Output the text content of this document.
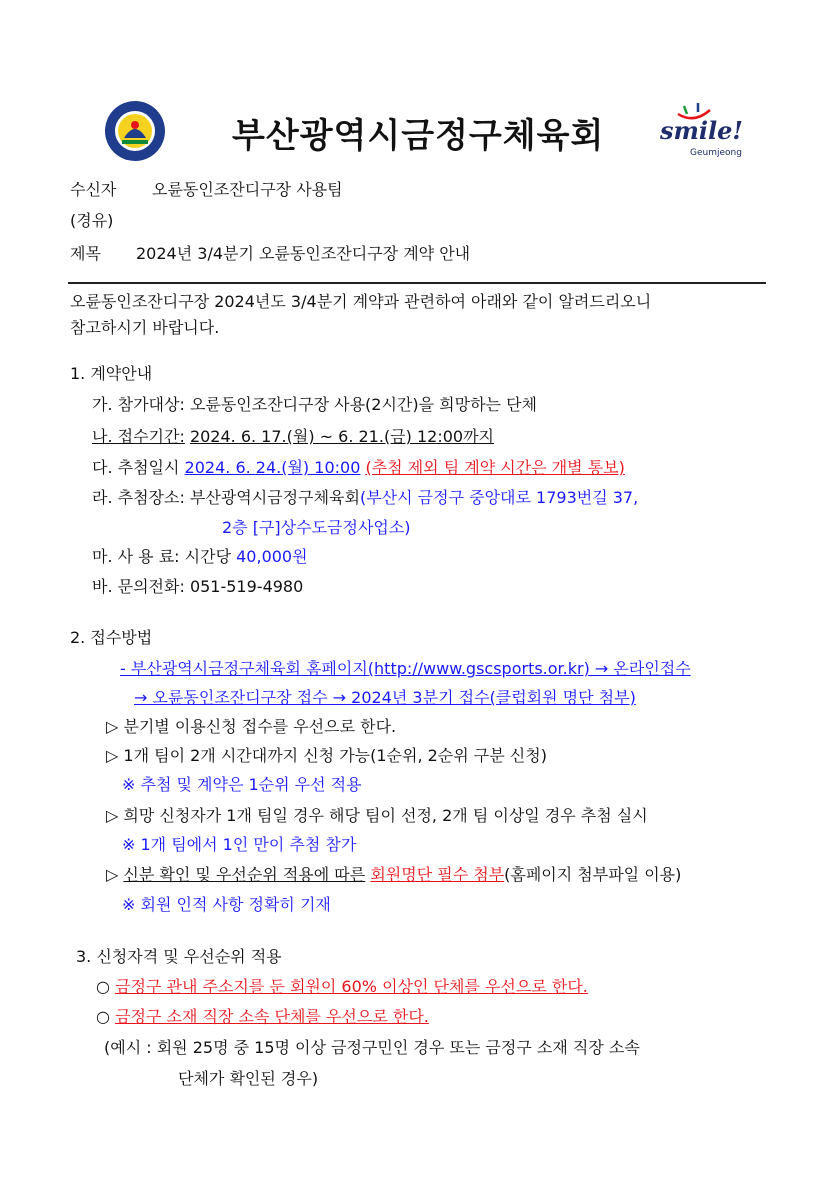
부산광역시금정구체육회 smile!
Geumjeong
수신자 오륜동인조잔디구장 사용팀
(경유)
제목 2024년 3/4분기 오륜동인조잔디구장 계약 안내
오륜동인조잔디구장 2024년도 3/4분기 계약과 관련하여 아래와 같이 알려드리오니
참고하시기 바랍니다.
1. 계약안내
가. 참가대상: 오륜동인조잔디구장 사용(2시간)을 희망하는 단체
나. 접수기간: 2024. 6. 17.(월) ~ 6. 21.(금) 12:00까지
다. 추첨일시 2024. 6. 24.(월) 10:00 (추첨 제외 팀 계약 시간은 개별 통보)
라. 추첨장소: 부산광역시금정구체육회(부산시 금정구 중앙대로 1793번길 37,
2층 [구]상수도금정사업소)
마. 사 용 료: 시간당 40,000원
바. 문의전화: 051-519-4980
2. 접수방법
- 부산광역시금정구체육회 홈페이지(http://www.gscsports.or.kr) → 온라인접수
→ 오륜동인조잔디구장 접수 → 2024년 3분기 접수(클럽회원 명단 첨부)
▷ 분기별 이용신청 접수를 우선으로 한다.
▷ 1개 팀이 2개 시간대까지 신청 가능(1순위, 2순위 구분 신청)
※ 추첨 및 계약은 1순위 우선 적용
▷ 희망 신청자가 1개 팀일 경우 해당 팀이 선정, 2개 팀 이상일 경우 추첨 실시
※ 1개 팀에서 1인 만이 추첨 참가
▷ 신분 확인 및 우선순위 적용에 따른 회원명단 필수 첨부(홈페이지 첨부파일 이용)
※ 회원 인적 사항 정확히 기재
3. 신청자격 및 우선순위 적용
○ 금정구 관내 주소지를 둔 회원이 60% 이상인 단체를 우선으로 한다.
○ 금정구 소재 직장 소속 단체를 우선으로 한다.
(예시 : 회원 25명 중 15명 이상 금정구민인 경우 또는 금정구 소재 직장 소속
단체가 확인된 경우)
